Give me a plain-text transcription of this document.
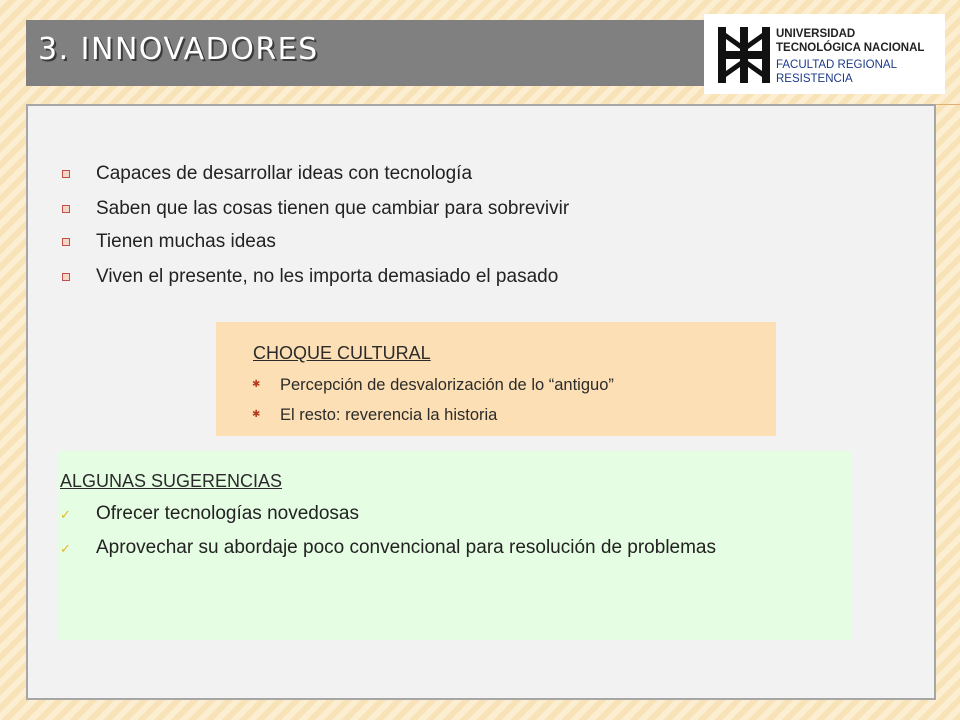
3. INNOVADORES	UNIVERSIDAD
TECNOLÓGICA NACIONAL
FACULTAD REGIONAL
RESISTENCIA
Capaces de desarrollar ideas con tecnología
Saben que las cosas tienen que cambiar para sobrevivir
Tienen muchas ideas
Viven el presente, no les importa demasiado el pasado
CHOQUE CULTURAL
✱	Percepción de desvalorización de lo “antiguo”
✱	El resto: reverencia la historia
ALGUNAS SUGERENCIAS
✓	Ofrecer tecnologías novedosas
✓	Aprovechar su abordaje poco convencional para resolución de problemas
